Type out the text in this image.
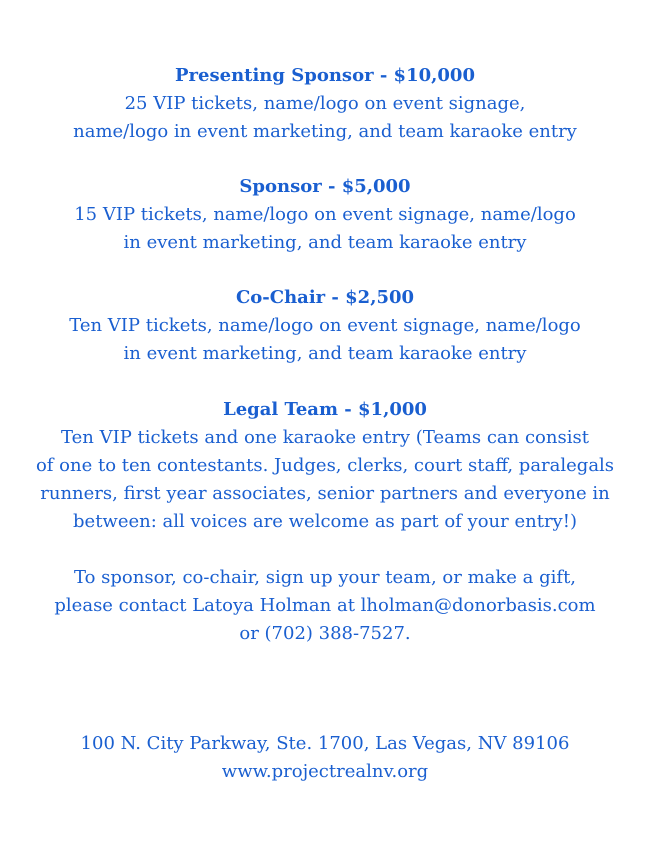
Presenting Sponsor - $10,000
25 VIP tickets, name/logo on event signage,
name/logo in event marketing, and team karaoke entry
Sponsor - $5,000
15 VIP tickets, name/logo on event signage, name/logo
in event marketing, and team karaoke entry
Co-Chair - $2,500
Ten VIP tickets, name/logo on event signage, name/logo
in event marketing, and team karaoke entry
Legal Team - $1,000
Ten VIP tickets and one karaoke entry (Teams can consist
of one to ten contestants. Judges, clerks, court staff, paralegals
runners, first year associates, senior partners and everyone in
between: all voices are welcome as part of your entry!)
To sponsor, co-chair, sign up your team, or make a gift,
please contact Latoya Holman at lholman@donorbasis.com
or (702) 388-7527.
100 N. City Parkway, Ste. 1700, Las Vegas, NV 89106
www.projectrealnv.org
